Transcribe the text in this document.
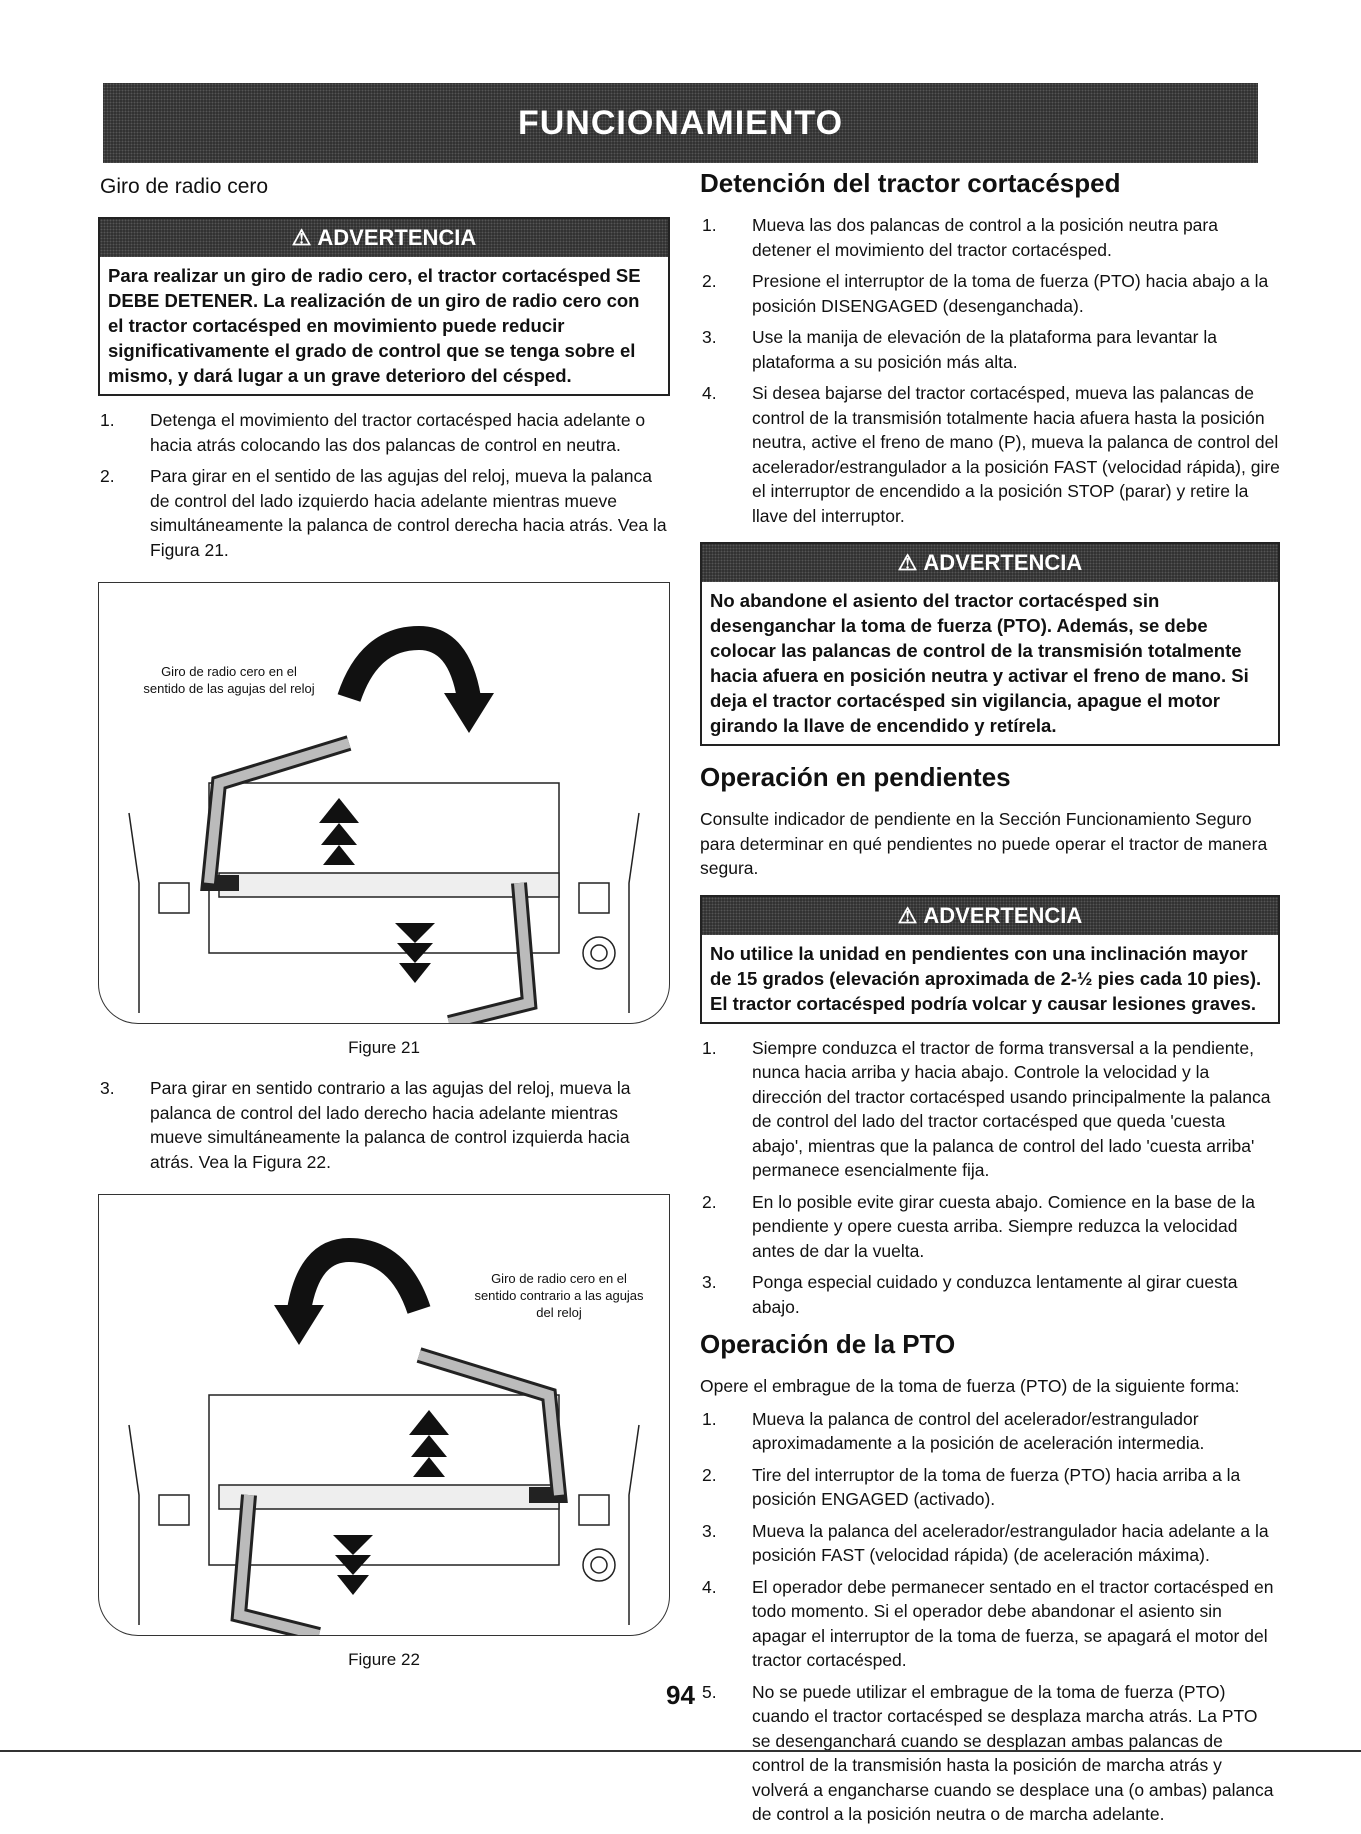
FUNCIONAMIENTO
Giro de radio cero
⚠ ADVERTENCIA
Para realizar un giro de radio cero, el tractor cortacésped SE DEBE DETENER. La realización de un giro de radio cero con el tractor cortacésped en movimiento puede reducir significativamente el grado de control que se tenga sobre el mismo, y dará lugar a un grave deterioro del césped.
1. Detenga el movimiento del tractor cortacésped hacia adelante o hacia atrás colocando las dos palancas de control en neutra.
2. Para girar en el sentido de las agujas del reloj, mueva la palanca de control del lado izquierdo hacia adelante mientras mueve simultáneamente la palanca de control derecha hacia atrás. Vea la Figura 21.
Giro de radio cero en el sentido de las agujas del reloj
Figure 21
3. Para girar en sentido contrario a las agujas del reloj, mueva la palanca de control del lado derecho hacia adelante mientras mueve simultáneamente la palanca de control izquierda hacia atrás. Vea la Figura 22.
Giro de radio cero en el sentido contrario a las agujas del reloj
Figure 22
Detención del tractor cortacésped
1. Mueva las dos palancas de control a la posición neutra para detener el movimiento del tractor cortacésped.
2. Presione el interruptor de la toma de fuerza (PTO) hacia abajo a la posición DISENGAGED (desenganchada).
3. Use la manija de elevación de la plataforma para levantar la plataforma a su posición más alta.
4. Si desea bajarse del tractor cortacésped, mueva las palancas de control de la transmisión totalmente hacia afuera hasta la posición neutra, active el freno de mano (P), mueva la palanca de control del acelerador/estrangulador a la posición FAST (velocidad rápida), gire el interruptor de encendido a la posición STOP (parar) y retire la llave del interruptor.
⚠ ADVERTENCIA
No abandone el asiento del tractor cortacésped sin desenganchar la toma de fuerza (PTO). Además, se debe colocar las palancas de control de la transmisión totalmente hacia afuera en posición neutra y activar el freno de mano. Si deja el tractor cortacésped sin vigilancia, apague el motor girando la llave de encendido y retírela.
Operación en pendientes

Consulte indicador de pendiente en la Sección Funcionamiento Seguro para determinar en qué pendientes no puede operar el tractor de manera segura.

⚠ ADVERTENCIA
No utilice la unidad en pendientes con una inclinación mayor de 15 grados (elevación aproximada de 2-½ pies cada 10 pies). El tractor cortacésped podría volcar y causar lesiones graves.
1. Siempre conduzca el tractor de forma transversal a la pendiente, nunca hacia arriba y hacia abajo. Controle la velocidad y la dirección del tractor cortacésped usando principalmente la palanca de control del lado del tractor cortacésped que queda 'cuesta abajo', mientras que la palanca de control del lado 'cuesta arriba' permanece esencialmente fija.
2. En lo posible evite girar cuesta abajo. Comience en la base de la pendiente y opere cuesta arriba. Siempre reduzca la velocidad antes de dar la vuelta.
3. Ponga especial cuidado y conduzca lentamente al girar cuesta abajo.
Operación de la PTO

Opere el embrague de la toma de fuerza (PTO) de la siguiente forma:

1. Mueva la palanca de control del acelerador/estrangulador aproximadamente a la posición de aceleración intermedia.
2. Tire del interruptor de la toma de fuerza (PTO) hacia arriba a la posición ENGAGED (activado).
3. Mueva la palanca del acelerador/estrangulador hacia adelante a la posición FAST (velocidad rápida) (de aceleración máxima).
4. El operador debe permanecer sentado en el tractor cortacésped en todo momento. Si el operador debe abandonar el asiento sin apagar el interruptor de la toma de fuerza, se apagará el motor del tractor cortacésped.
5. No se puede utilizar el embrague de la toma de fuerza (PTO) cuando el tractor cortacésped se desplaza marcha atrás. La PTO se desenganchará cuando se desplazan ambas palancas de control de la transmisión hasta la posición de marcha atrás y volverá a engancharse cuando se desplace una (o ambas) palanca de control a la posición neutra o de marcha adelante.
94
